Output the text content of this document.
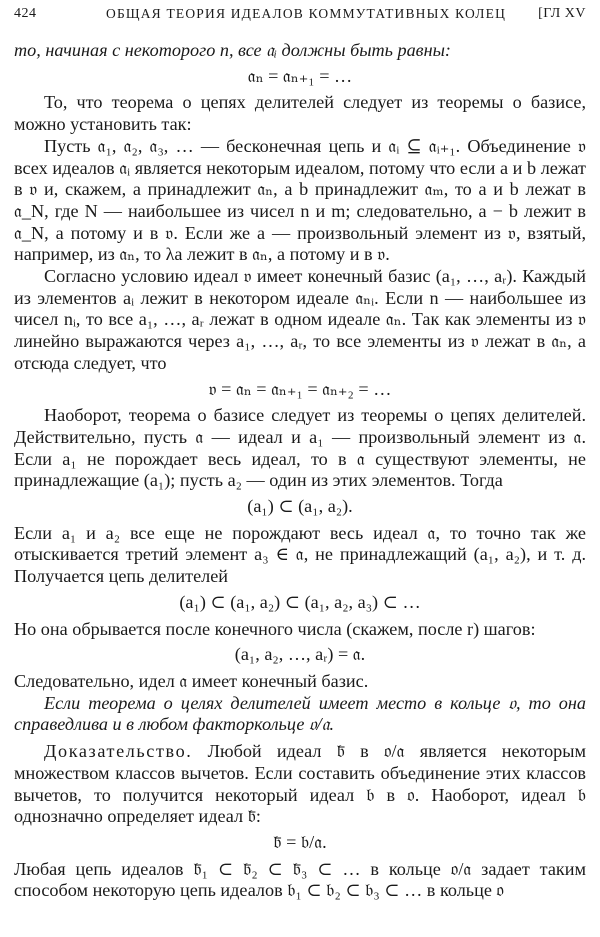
424	ОБЩАЯ ТЕОРИЯ ИДЕАЛОВ КОММУТАТИВНЫХ КОЛЕЦ [ГЛ XV

то, начиная с некоторого n, все 𝔞ᵢ должны быть равны:

𝔞ₙ = 𝔞ₙ₊₁ = …

То, что теорема о цепях делителей следует из теоремы о базисе, можно установить так:

Пусть 𝔞₁, 𝔞₂, 𝔞₃, … — бесконечная цепь и 𝔞ᵢ ⊆ 𝔞ᵢ₊₁. Объединение 𝔳 всех идеалов 𝔞ᵢ является некоторым идеалом, потому что если a и b лежат в 𝔳 и, скажем, a принадлежит 𝔞ₙ, а b принадлежит 𝔞ₘ, то a и b лежат в 𝔞_N, где N — наибольшее из чисел n и m; следовательно, a − b лежит в 𝔞_N, а потому и в 𝔳. Если же a — произвольный элемент из 𝔳, взятый, например, из 𝔞ₙ, то λa лежит в 𝔞ₙ, а потому и в 𝔳.

Согласно условию идеал 𝔳 имеет конечный базис (a₁, …, aᵣ). Каждый из элементов aᵢ лежит в некотором идеале 𝔞ₙᵢ. Если n — наибольшее из чисел nᵢ, то все a₁, …, aᵣ лежат в одном идеале 𝔞ₙ. Так как элементы из 𝔳 линейно выражаются через a₁, …, aᵣ, то все элементы из 𝔳 лежат в 𝔞ₙ, а отсюда следует, что

𝔳 = 𝔞ₙ = 𝔞ₙ₊₁ = 𝔞ₙ₊₂ = …

Наоборот, теорема о базисе следует из теоремы о цепях делителей. Действительно, пусть 𝔞 — идеал и a₁ — произвольный элемент из 𝔞. Если a₁ не порождает весь идеал, то в 𝔞 существуют элементы, не принадлежащие (a₁); пусть a₂ — один из этих элементов. Тогда

(a₁) ⊂ (a₁, a₂).

Если a₁ и a₂ все еще не порождают весь идеал 𝔞, то точно так же отыскивается третий элемент a₃ ∈ 𝔞, не принадлежащий (a₁, a₂), и т. д. Получается цепь делителей

(a₁) ⊂ (a₁, a₂) ⊂ (a₁, a₂, a₃) ⊂ …

Но она обрывается после конечного числа (скажем, после r) шагов:

(a₁, a₂, …, aᵣ) = 𝔞.

Следовательно, идел 𝔞 имеет конечный базис.

Если теорема о целях делителей имеет место в кольце 𝔬, то она справедлива и в любом факторкольце 𝔬/𝔞.

Доказательство. Любой идеал 𝔟̄ в 𝔬/𝔞 является некоторым множеством классов вычетов. Если составить объединение этих классов вычетов, то получится некоторый идеал 𝔟 в 𝔬. Наоборот, идеал 𝔟 однозначно определяет идеал 𝔟̄:

𝔟̄ = 𝔟/𝔞.

Любая цепь идеалов 𝔟̄₁ ⊂ 𝔟̄₂ ⊂ 𝔟̄₃ ⊂ … в кольце 𝔬/𝔞 задает таким способом некоторую цепь идеалов 𝔟₁ ⊂ 𝔟₂ ⊂ 𝔟₃ ⊂ … в кольце 𝔬
